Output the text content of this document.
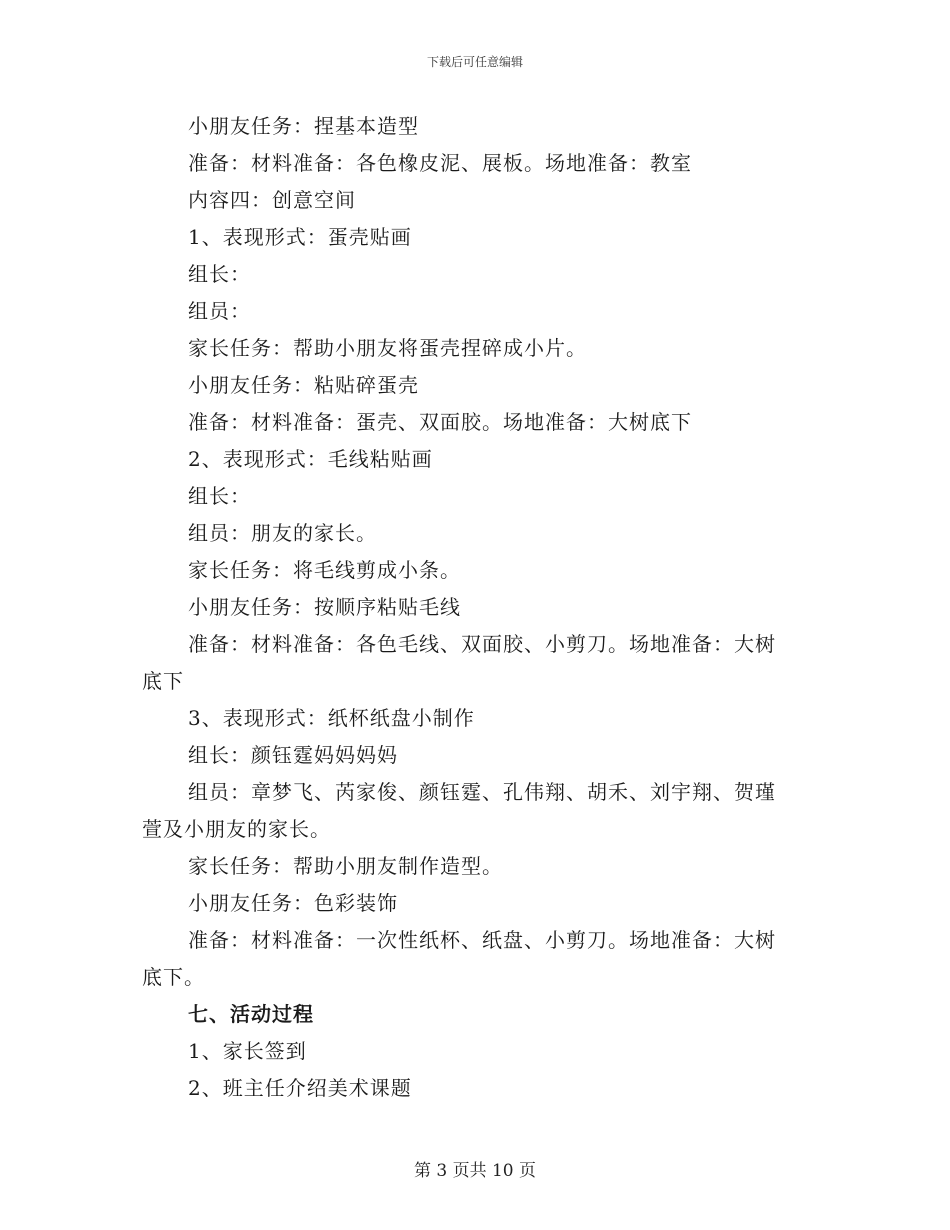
下载后可任意编辑
小朋友任务：捏基本造型
准备：材料准备：各色橡皮泥、展板。场地准备：教室
内容四：创意空间
1、表现形式：蛋壳贴画
组长：
组员：
家长任务：帮助小朋友将蛋壳捏碎成小片。
小朋友任务：粘贴碎蛋壳
准备：材料准备：蛋壳、双面胶。场地准备：大树底下
2、表现形式：毛线粘贴画
组长：
组员：朋友的家长。
家长任务：将毛线剪成小条。
小朋友任务：按顺序粘贴毛线
准备：材料准备：各色毛线、双面胶、小剪刀。场地准备：大树
底下
3、表现形式：纸杯纸盘小制作
组长：颜钰霆妈妈妈妈
组员：章梦飞、芮家俊、颜钰霆、孔伟翔、胡禾、刘宇翔、贺瑾
萱及小朋友的家长。
家长任务：帮助小朋友制作造型。
小朋友任务：色彩装饰
准备：材料准备：一次性纸杯、纸盘、小剪刀。场地准备：大树
底下。
七、活动过程
1、家长签到
2、班主任介绍美术课题
第 3 页共 10 页
